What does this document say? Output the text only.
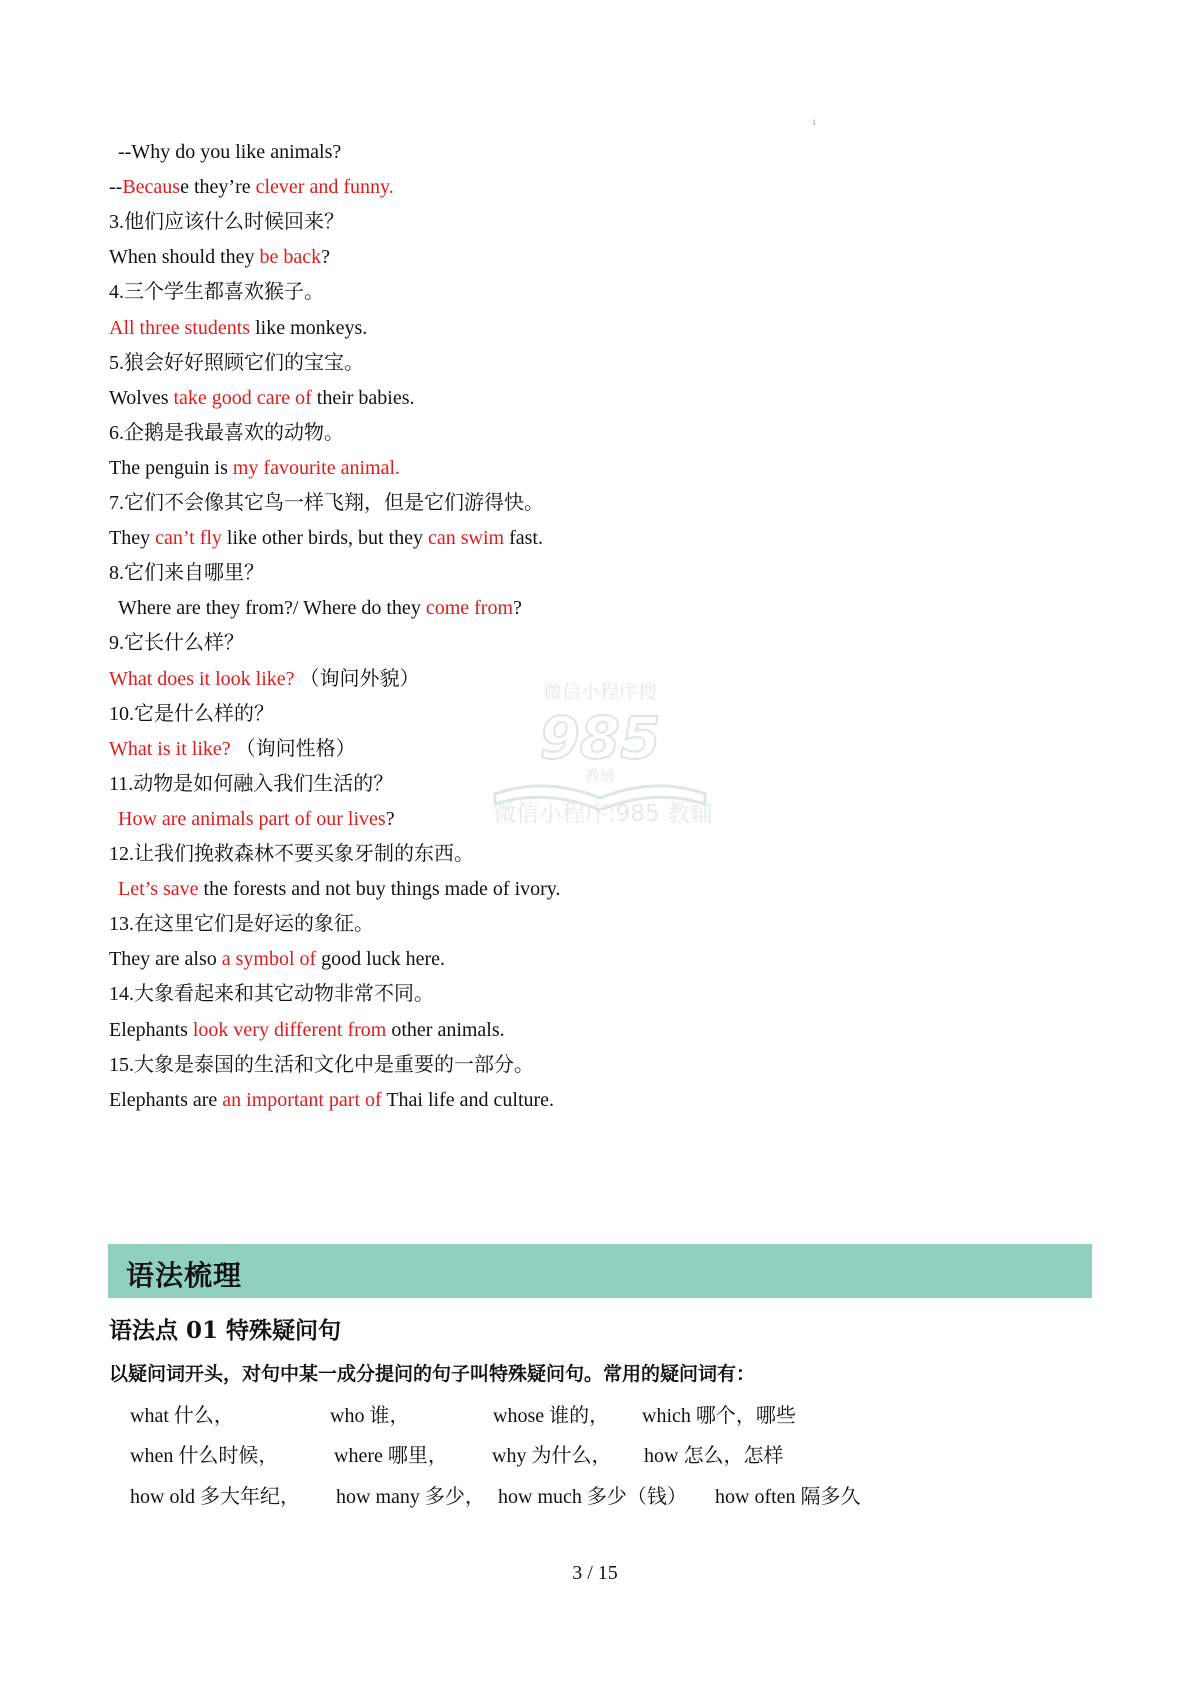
1
--Why do you like animals?
--Because they’re clever and funny.
3.他们应该什么时候回来？
When should they be back?
4.三个学生都喜欢猴子。
All three students like monkeys.
5.狼会好好照顾它们的宝宝。
Wolves take good care of their babies.
6.企鹅是我最喜欢的动物。
The penguin is my favourite animal.
7.它们不会像其它鸟一样飞翔，但是它们游得快。
They can’t fly like other birds, but they can swim fast.
8.它们来自哪里？
Where are they from?/ Where do they come from?
9.它长什么样？
What does it look like? （询问外貌）
10.它是什么样的？
What is it like? （询问性格）
11.动物是如何融入我们生活的？
How are animals part of our lives?
12.让我们挽救森林不要买象牙制的东西。
Let’s save the forests and not buy things made of ivory.
13.在这里它们是好运的象征。
They are also a symbol of good luck here.
14.大象看起来和其它动物非常不同。
Elephants look very different from other animals.
15.大象是泰国的生活和文化中是重要的一部分。
Elephants are an important part of Thai life and culture.
微信小程序搜
985
教辅
微信小程序:985 教辅
语法梳理
语法点 01 特殊疑问句
以疑问词开头，对句中某一成分提问的句子叫特殊疑问句。常用的疑问词有：
what 什么，	who 谁，	whose 谁的， which 哪个，哪些
when 什么时候，	where 哪里， why 为什么， how 怎么，怎样
how old 多大年纪， how many 多少， how much 多少（钱） how often 隔多久
3 / 15
